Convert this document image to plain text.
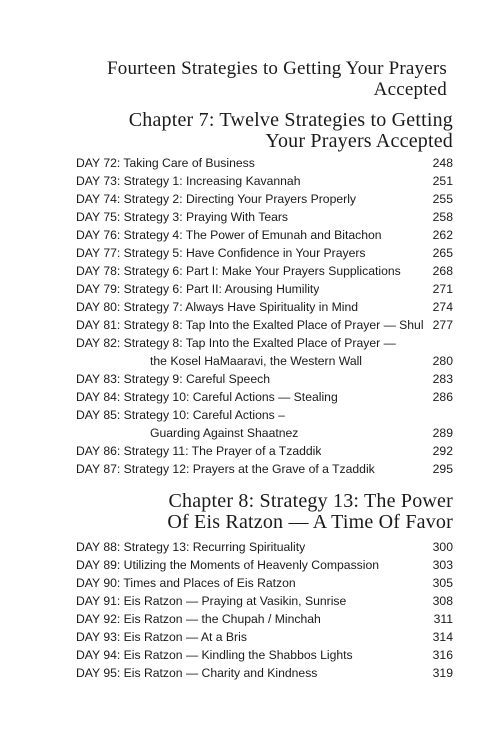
Fourteen Strategies to Getting Your Prayers
Accepted
Chapter 7: Twelve Strategies to Getting
Your Prayers Accepted
DAY 72: Taking Care of Business	248
DAY 73: Strategy 1: Increasing Kavannah	251
DAY 74: Strategy 2: Directing Your Prayers Properly	255
DAY 75: Strategy 3: Praying With Tears	258
DAY 76: Strategy 4: The Power of Emunah and Bitachon	262
DAY 77: Strategy 5: Have Confidence in Your Prayers	265
DAY 78: Strategy 6: Part I: Make Your Prayers Supplications	268
DAY 79: Strategy 6: Part II: Arousing Humility	271
DAY 80: Strategy 7: Always Have Spirituality in Mind	274
DAY 81: Strategy 8: Tap Into the Exalted Place of Prayer — Shul 277
DAY 82: Strategy 8: Tap Into the Exalted Place of Prayer —
the Kosel HaMaaravi, the Western Wall	280
DAY 83: Strategy 9: Careful Speech	283
DAY 84: Strategy 10: Careful Actions — Stealing	286
DAY 85: Strategy 10: Careful Actions –
Guarding Against Shaatnez	289
DAY 86: Strategy 11: The Prayer of a Tzaddik	292
DAY 87: Strategy 12: Prayers at the Grave of a Tzaddik	295
Chapter 8: Strategy 13: The Power
Of Eis Ratzon — A Time Of Favor
DAY 88: Strategy 13: Recurring Spirituality	300
DAY 89: Utilizing the Moments of Heavenly Compassion	303
DAY 90: Times and Places of Eis Ratzon	305
DAY 91: Eis Ratzon — Praying at Vasikin, Sunrise	308
DAY 92: Eis Ratzon — the Chupah / Minchah	311
DAY 93: Eis Ratzon — At a Bris	314
DAY 94: Eis Ratzon — Kindling the Shabbos Lights	316
DAY 95: Eis Ratzon — Charity and Kindness	319
